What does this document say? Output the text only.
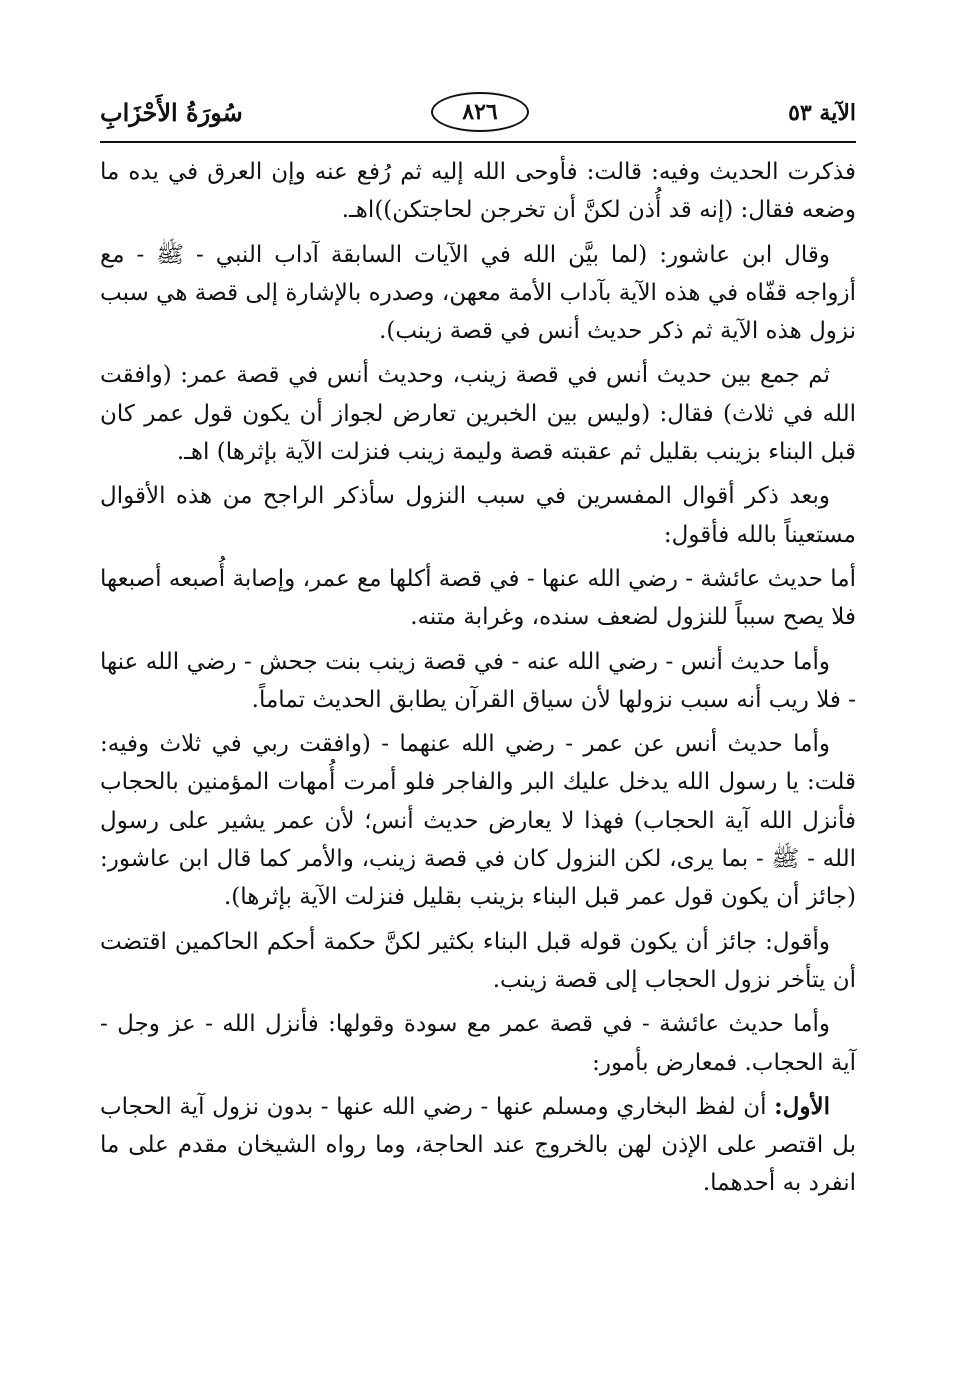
الآية ٥٣
٨٢٦
سُورَةُ الأَحْزَابِ

فذكرت الحديث وفيه: قالت: فأوحى الله إليه ثم رُفع عنه وإن العرق في يده ما وضعه فقال: (إنه قد أُذن لكنَّ أن تخرجن لحاجتكن))اهـ.

وقال ابن عاشور: (لما بيَّن الله في الآيات السابقة آداب النبي - ﷺ - مع أزواجه قفّاه في هذه الآية بآداب الأمة معهن، وصدره بالإشارة إلى قصة هي سبب نزول هذه الآية ثم ذكر حديث أنس في قصة زينب).

ثم جمع بين حديث أنس في قصة زينب، وحديث أنس في قصة عمر: (وافقت الله في ثلاث) فقال: (وليس بين الخبرين تعارض لجواز أن يكون قول عمر كان قبل البناء بزينب بقليل ثم عقبته قصة وليمة زينب فنزلت الآية بإثرها) اهـ.

وبعد ذكر أقوال المفسرين في سبب النزول سأذكر الراجح من هذه الأقوال مستعيناً بالله فأقول:

أما حديث عائشة - رضي الله عنها - في قصة أكلها مع عمر، وإصابة أُصبعه أصبعها فلا يصح سبباً للنزول لضعف سنده، وغرابة متنه.

وأما حديث أنس - رضي الله عنه - في قصة زينب بنت جحش - رضي الله عنها - فلا ريب أنه سبب نزولها لأن سياق القرآن يطابق الحديث تماماً.

وأما حديث أنس عن عمر - رضي الله عنهما - (وافقت ربي في ثلاث وفيه: قلت: يا رسول الله يدخل عليك البر والفاجر فلو أمرت أُمهات المؤمنين بالحجاب فأنزل الله آية الحجاب) فهذا لا يعارض حديث أنس؛ لأن عمر يشير على رسول الله - ﷺ - بما يرى، لكن النزول كان في قصة زينب، والأمر كما قال ابن عاشور: (جائز أن يكون قول عمر قبل البناء بزينب بقليل فنزلت الآية بإثرها).

وأقول: جائز أن يكون قوله قبل البناء بكثير لكنَّ حكمة أحكم الحاكمين اقتضت أن يتأخر نزول الحجاب إلى قصة زينب.

وأما حديث عائشة - في قصة عمر مع سودة وقولها: فأنزل الله - عز وجل - آية الحجاب. فمعارض بأمور:

الأول: أن لفظ البخاري ومسلم عنها - رضي الله عنها - بدون نزول آية الحجاب بل اقتصر على الإذن لهن بالخروج عند الحاجة، وما رواه الشيخان مقدم على ما انفرد به أحدهما.
